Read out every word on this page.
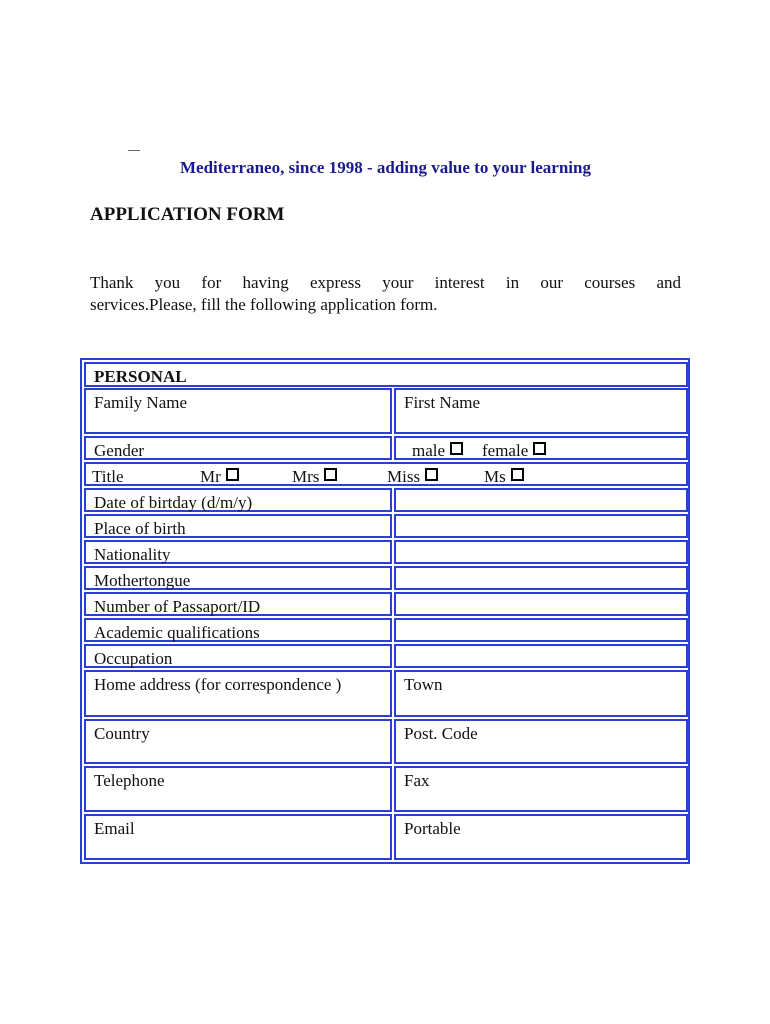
Mediterraneo, since 1998 - adding value to your learning
APPLICATION FORM

Thank you for having express your interest in our courses and
services.Please, fill the following application form.

PERSONAL
Family Name	First Name
Gender	male	female
Title	Mr	Mrs	Miss	Ms
Date of birtday (d/m/y)
Place of birth
Nationality
Mothertongue
Number of Passaport/ID
Academic qualifications
Occupation
Home address (for correspondence )	Town
Country	Post. Code
Telephone	Fax
Email	Portable
